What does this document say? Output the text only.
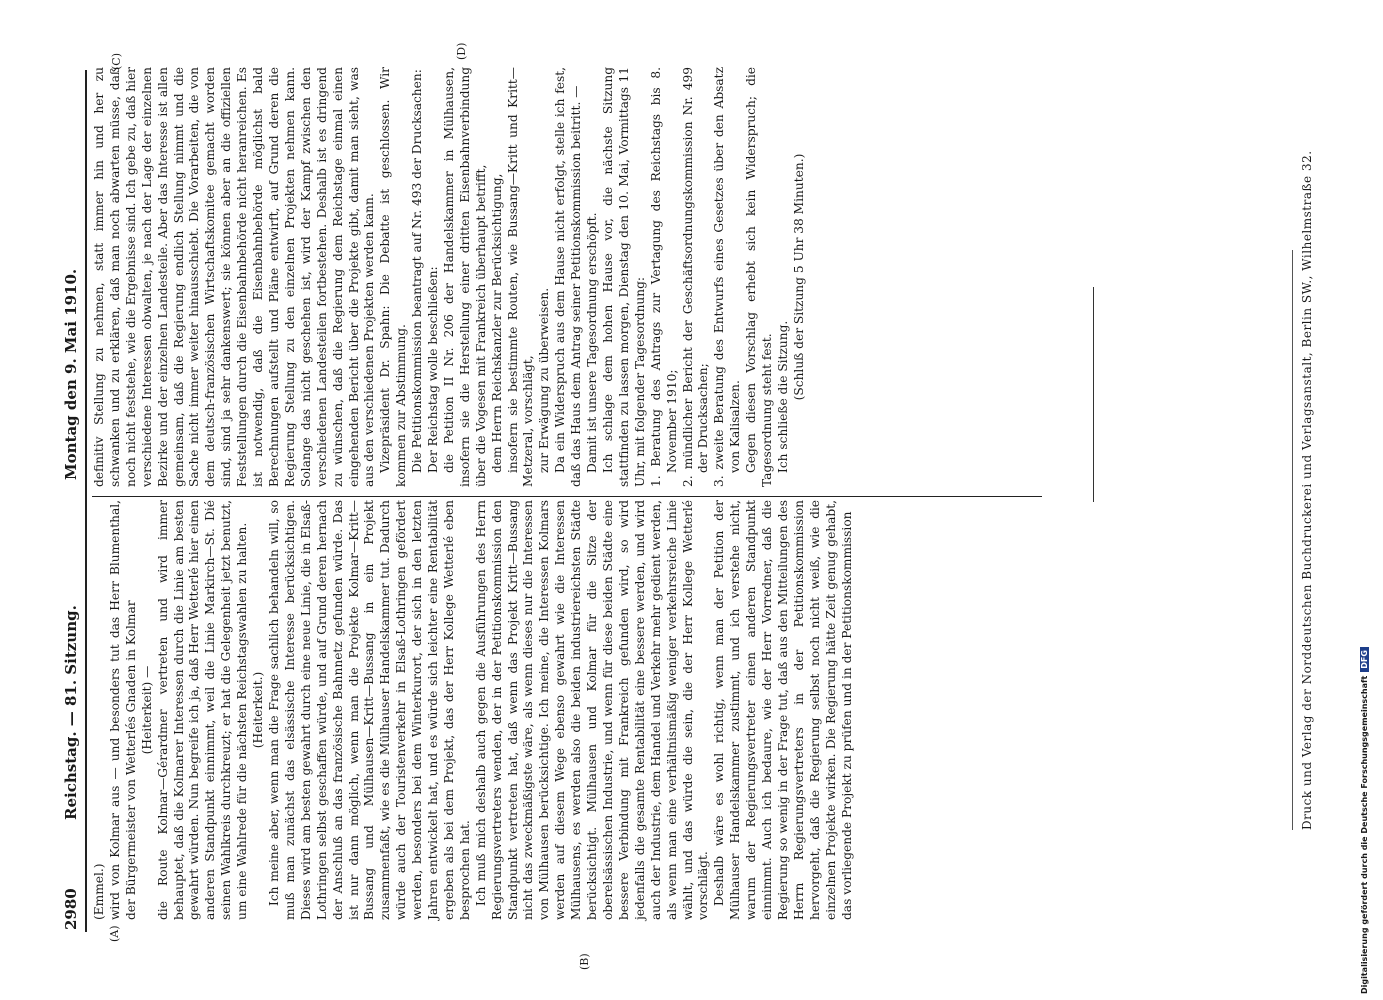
2980
Reichstag. — 81. Sitzung.
Montag den 9. Mai 1910.
(A)
(B)
(C)
(D)

(Emmel.) wird von Kolmar aus — und besonders tut das Herr Blumenthal, der Bürgermeister von Wetterlés Gnaden in Kolmar (Heiterkeit) — die Route Kolmar—Gérardmer vertreten und wird immer behauptet, daß die Kolmarer Interessen durch die Linie am besten gewahrt würden. Nun begreife ich ja, daß Herr Wetterlé hier einen anderen Standpunkt einnimmt, weil die Linie Markirch—St. Dié seinen Wahlkreis durchkreuzt; er hat die Gelegenheit jetzt benutzt, um eine Wahlrede für die nächsten Reichstagswahlen zu halten. (Heiterkeit.) Ich meine aber, wenn man die Frage sachlich behandeln will, so muß man zunächst das elsässische Interesse berücksichtigen. Dieses wird am besten gewahrt durch eine neue Linie, die in Elsaß-Lothringen selbst geschaffen würde, und auf Grund deren hernach der Anschluß an das französische Bahnnetz gefunden würde. Das ist nur dann möglich, wenn man die Projekte Kolmar—Kritt—Bussang und Mülhausen—Kritt—Bussang in ein Projekt zusammenfaßt, wie es die Mülhauser Handelskammer tut. Dadurch würde auch der Touristenverkehr in Elsaß-Lothringen gefördert werden, besonders bei dem Winterkurort, der sich in den letzten Jahren entwickelt hat, und es würde sich leichter eine Rentabilität ergeben als bei dem Projekt, das der Herr Kollege Wetterlé eben besprochen hat. Ich muß mich deshalb auch gegen die Ausführungen des Herrn Regierungsvertreters wenden, der in der Petitionskommission den Standpunkt vertreten hat, daß wenn das Projekt Kritt—Bussang nicht das zweckmäßigste wäre, als wenn dieses nur die Interessen von Mülhausen berücksichtige. Ich meine, die Interessen Kolmars werden auf diesem Wege ebenso gewahrt wie die Interessen Mülhausens, es werden also die beiden industriereichsten Städte berücksichtigt. Mülhausen und Kolmar für die Sitze der oberelsässischen Industrie, und wenn für diese beiden Städte eine bessere Verbindung mit Frankreich gefunden wird, so wird jedenfalls die gesamte Rentabilität eine bessere werden, und wird auch der Industrie, dem Handel und Verkehr mehr gedient werden, als wenn man eine verhältnismäßig weniger verkehrsreiche Linie wählt, und das würde die sein, die der Herr Kollege Wetterlé vorschlägt. Deshalb wäre es wohl richtig, wenn man der Petition der Mülhauser Handelskammer zustimmt, und ich verstehe nicht, warum der Regierungsvertreter einen anderen Standpunkt einnimmt. Auch ich bedaure, wie der Herr Vorredner, daß die Regierung so wenig in der Frage tut, daß aus den Mitteilungen des Herrn Regierungsvertreters in der Petitionskommission hervorgeht, daß die Regierung selbst noch nicht weiß, wie die einzelnen Projekte wirken. Die Regierung hätte Zeit genug gehabt, das vorliegende Projekt zu prüfen und in der Petitionskommission

definitiv Stellung zu nehmen, statt immer hin und her zu schwanken und zu erklären, daß man noch abwarten müsse, daß noch nicht feststehe, wie die Ergebnisse sind. Ich gebe zu, daß hier verschiedene Interessen obwalten, je nach der Lage der einzelnen Bezirke und der einzelnen Landesteile. Aber das Interesse ist allen gemeinsam, daß die Regierung endlich Stellung nimmt und die Sache nicht immer weiter hinausschiebt. Die Vorarbeiten, die von dem deutsch-französischen Wirtschaftskomitee gemacht worden sind, sind ja sehr dankenswert; sie können aber an die offiziellen Feststellungen durch die Eisenbahnbehörde nicht heranreichen. Es ist notwendig, daß die Eisenbahnbehörde möglichst bald Berechnungen aufstellt und Pläne entwirft, auf Grund deren die Regierung Stellung zu den einzelnen Projekten nehmen kann. Solange das nicht geschehen ist, wird der Kampf zwischen den verschiedenen Landesteilen fortbestehen. Deshalb ist es dringend zu wünschen, daß die Regierung dem Reichstage einmal einen eingehenden Bericht über die Projekte gibt, damit man sieht, was aus den verschiedenen Projekten werden kann. Vizepräsident Dr. Spahn: Die Debatte ist geschlossen. Wir kommen zur Abstimmung. Die Petitionskommission beantragt auf Nr. 493 der Drucksachen: Der Reichstag wolle beschließen: die Petition II Nr. 206 der Handelskammer in Mülhausen, insofern sie die Herstellung einer dritten Eisenbahnverbindung über die Vogesen mit Frankreich überhaupt betrifft, dem Herrn Reichskanzler zur Berücksichtigung, insofern sie bestimmte Routen, wie Bussang—Kritt und Kritt—Metzeral, vorschlägt, zur Erwägung zu überweisen. Da ein Widerspruch aus dem Hause nicht erfolgt, stelle ich fest, daß das Haus dem Antrag seiner Petitionskommission beitritt. — Damit ist unsere Tagesordnung erschöpft. Ich schlage dem hohen Hause vor, die nächste Sitzung stattfinden zu lassen morgen, Dienstag den 10. Mai, Vormittags 11 Uhr, mit folgender Tagesordnung: 1. Beratung des Antrags zur Vertagung des Reichstags bis 8. November 1910; 2. mündlicher Bericht der Geschäftsordnungskommission Nr. 499 der Drucksachen; 3. zweite Beratung des Entwurfs eines Gesetzes über den Absatz von Kalisalzen. Gegen diesen Vorschlag erhebt sich kein Widerspruch; die Tagesordnung steht fest. Ich schließe die Sitzung. (Schluß der Sitzung 5 Uhr 38 Minuten.)	Druck und Verlag der Norddeutschen Buchdruckerei und Verlagsanstalt, Berlin SW., Wilhelmstraße 32.
Digitalisierung gefördert durch die Deutsche ForschungsgemeinschaftDFG
